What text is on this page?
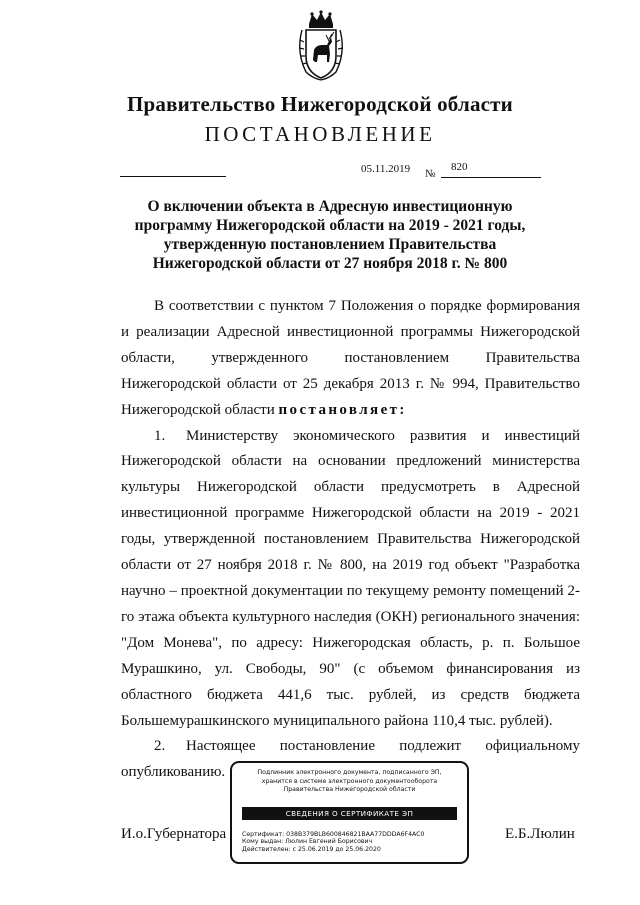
Правительство Нижегородской области
ПОСТАНОВЛЕНИЕ
05.11.2019 №
820
О включении объекта в Адресную инвестиционную
программу Нижегородской области на 2019 - 2021 годы,
утвержденную постановлением Правительства
Нижегородской области от 27 ноября 2018 г. № 800

В соответствии с пунктом 7 Положения о порядке формирования и реализации Адресной инвестиционной программы Нижегородской области, утвержденного постановлением Правительства Нижегородской области от 25 декабря 2013 г. № 994, Правительство Нижегородской области постановляет:

1. Министерству экономического развития и инвестиций Нижегородской области на основании предложений министерства культуры Нижегородской области предусмотреть в Адресной инвестиционной программе Нижегородской области на 2019 - 2021 годы, утвержденной постановлением Правительства Нижегородской области от 27 ноября 2018 г. № 800, на 2019 год объект "Разработка научно – проектной документации по текущему ремонту помещений 2-го этажа объекта культурного наследия (ОКН) регионального значения: "Дом Монева", по адресу: Нижегородская область, р. п. Большое Мурашкино, ул. Свободы, 90" (с объемом финансирования из областного бюджета 441,6 тыс. рублей, из средств бюджета Большемурашкинского муниципального района 110,4 тыс. рублей).

2. Настоящее постановление подлежит официальному опубликованию.

И.о.Губернатора	Е.Б.Люлин
Подлинник электронного документа, подписанного ЭП,
хранится в системе электронного документооборота
Правительства Нижегородской области
СВЕДЕНИЯ О СЕРТИФИКАТЕ ЭП
Сертификат: 038B379BLB600846821BAA77DDDA6F4AC0
Кому выдан: Люлин Евгений Борисович
Действителен: с 25.06.2019 до 25.06.2020
